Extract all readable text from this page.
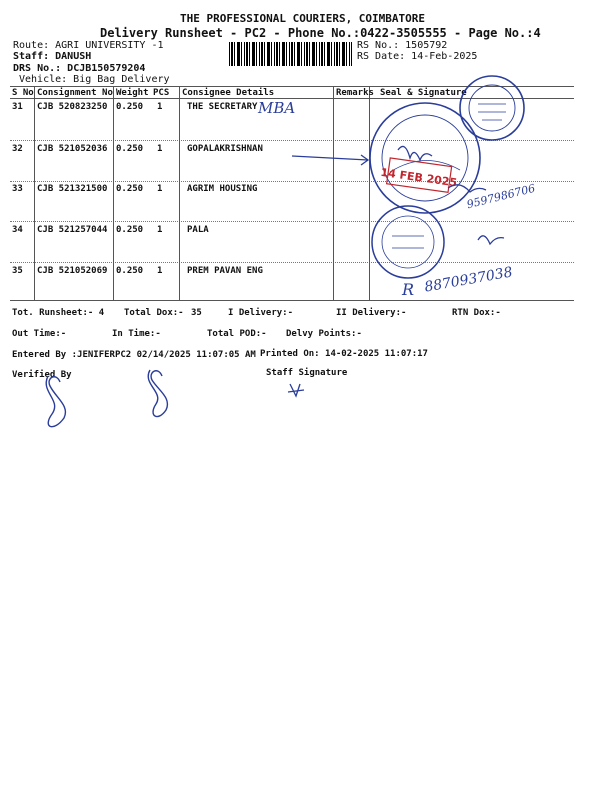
THE PROFESSIONAL COURIERS, COIMBATORE
Delivery Runsheet - PC2 - Phone No.:0422-3505555 - Page No.:4
Route: AGRI UNIVERSITY -1
Staff: DANUSH
DRS No.: DCJB150579204
Vehicle: Big Bag Delivery
RS No.: 1505792
RS Date: 14-Feb-2025
S No Consignment No Weight PCS Consignee Details	Remarks Seal & Signature
31 CJB 520823250 0.250 1	THE SECRETARY
32 CJB 521052036 0.250 1	GOPALAKRISHNAN
33 CJB 521321500 0.250 1	AGRIM HOUSING
34 CJB 521257044 0.250 1	PALA
35 CJB 521052069 0.250 1	PREM PAVAN ENG
Tot. Runsheet:- 4 Total Dox:- 35	I Delivery:-	II Delivery:-	RTN Dox:-
Out Time:-	In Time:-	Total POD:- Delvy Points:-
Entered By :JENIFERPC2 02/14/2025 11:07:05 AM Printed On: 14-02-2025 11:07:17
Verified By	Staff Signature
MBA
9597986706
R 8870937038
14 FEB 2025
